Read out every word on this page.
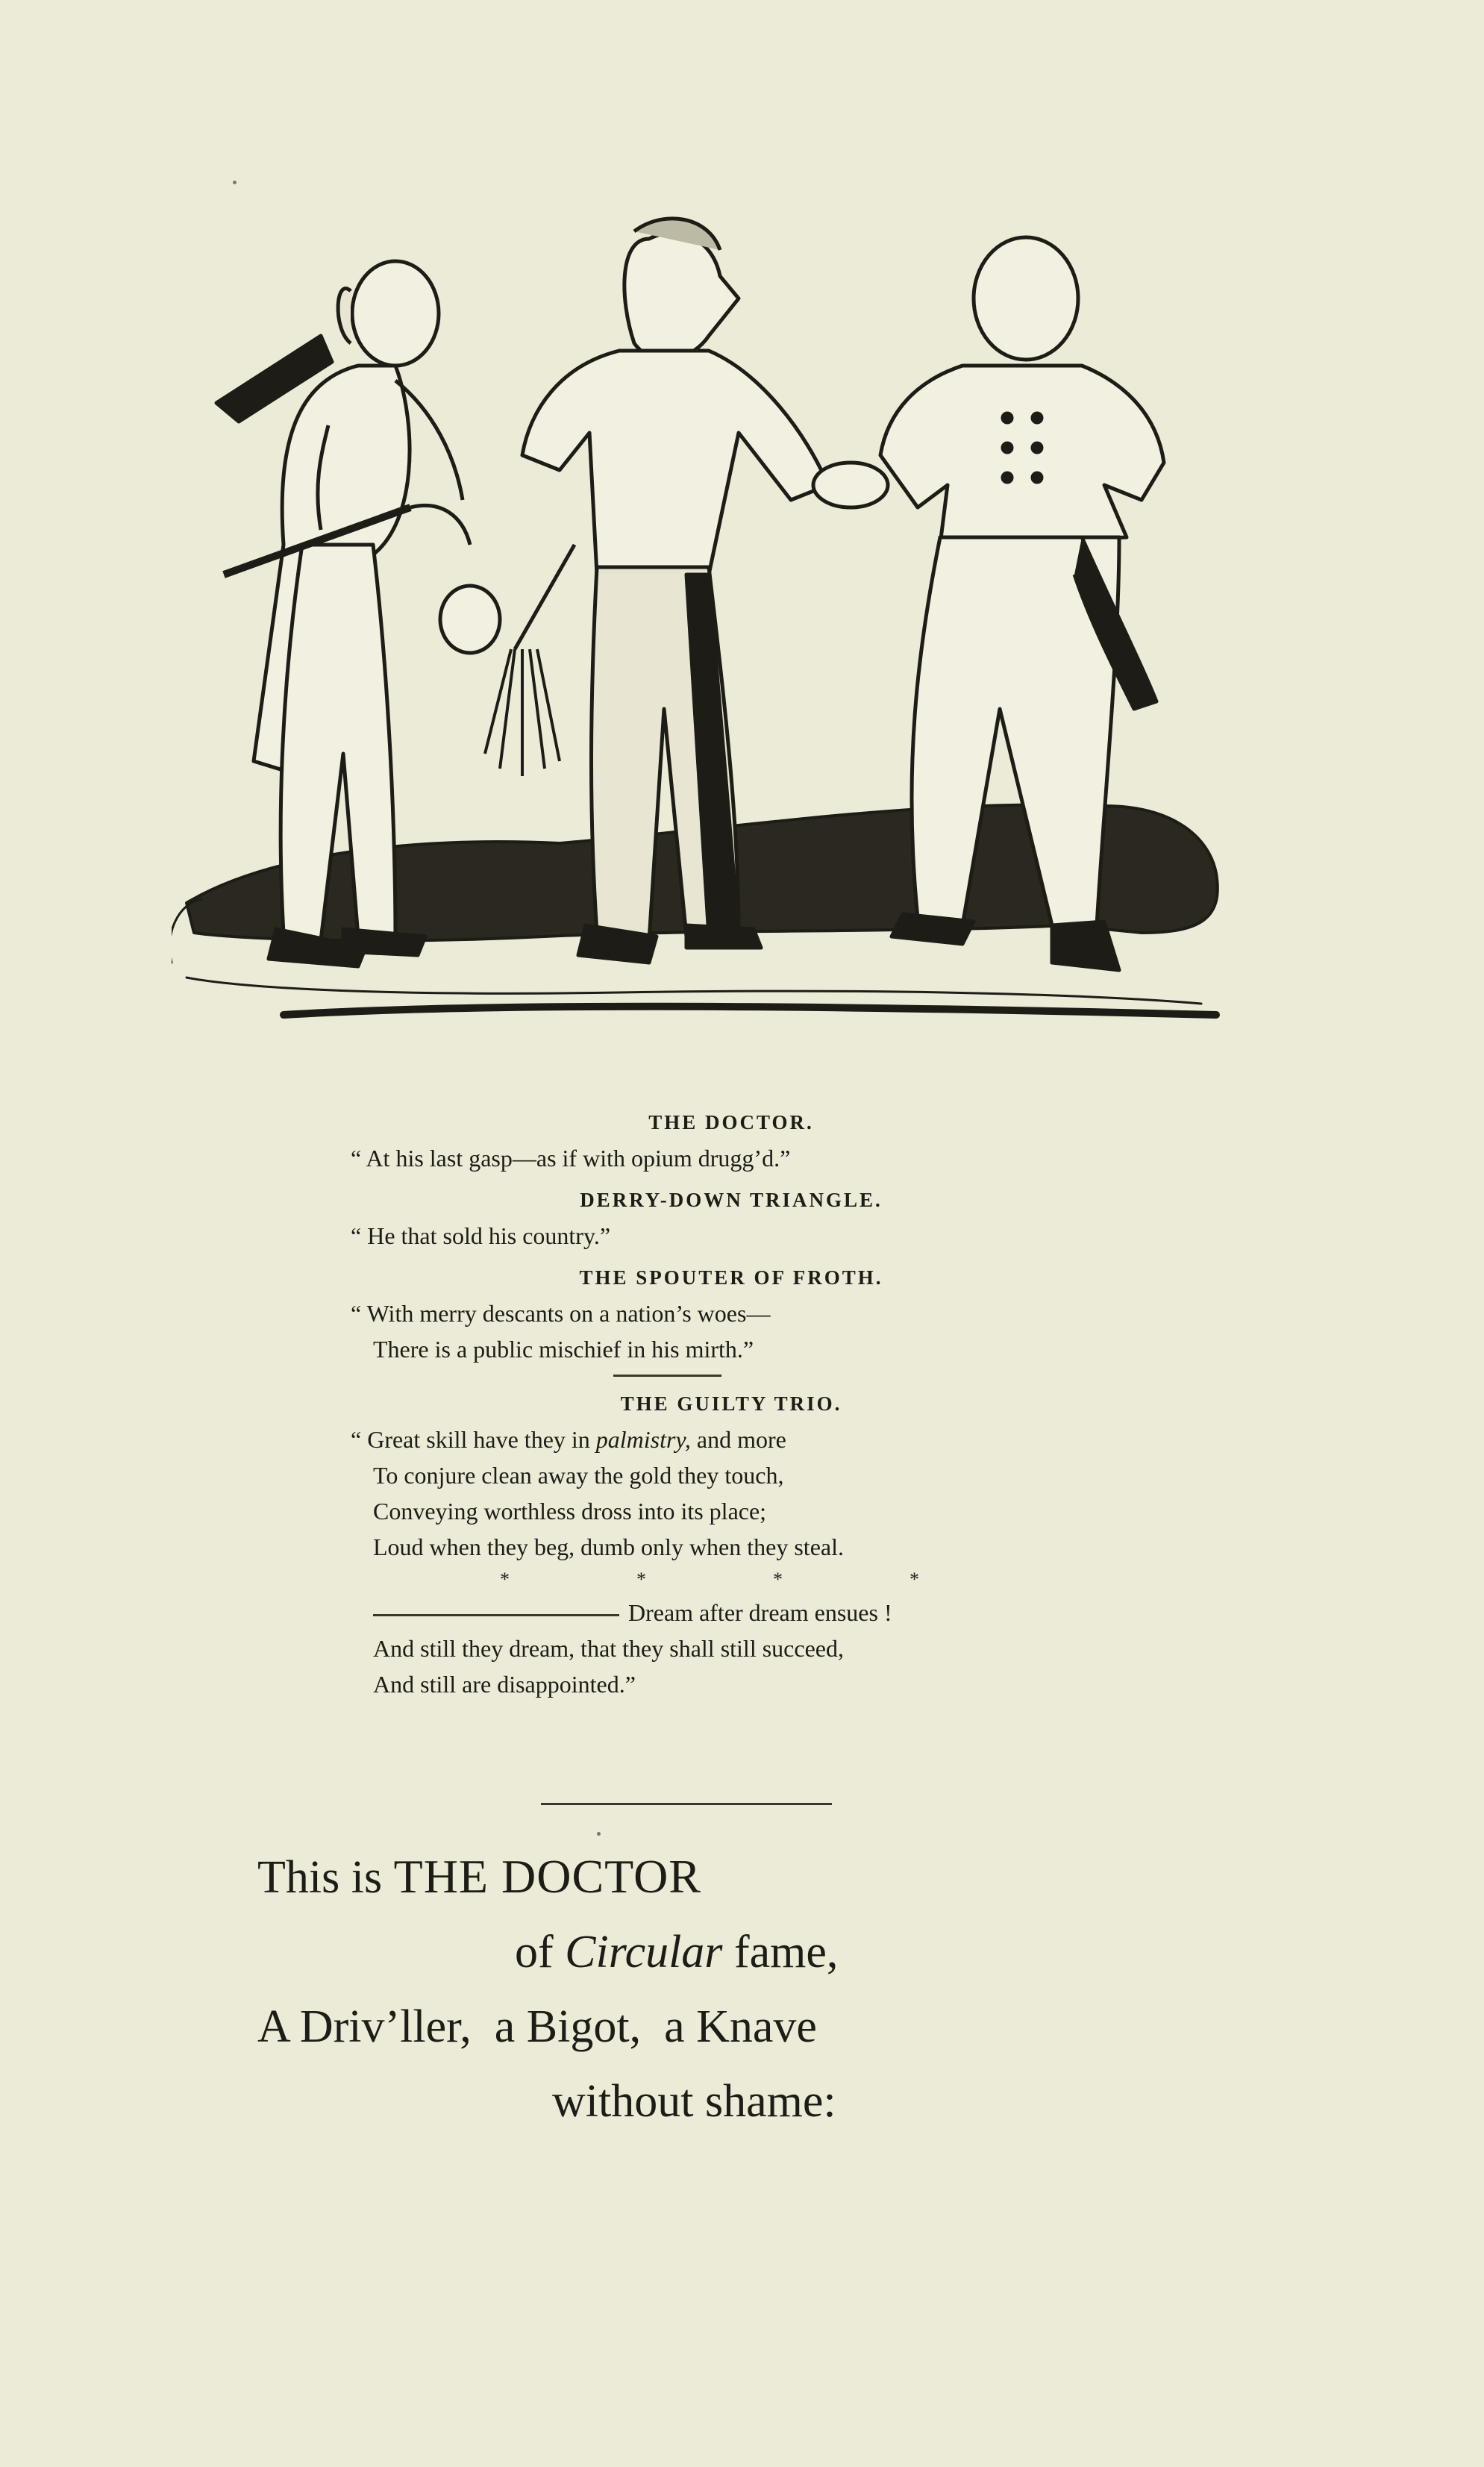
THE DOCTOR.
“ At his last gasp—as if with opium drugg’d.”
DERRY-DOWN TRIANGLE.
“ He that sold his country.”
THE SPOUTER OF FROTH.
“ With merry descants on a nation’s woes—
There is a public mischief in his mirth.”
THE GUILTY TRIO.
“ Great skill have they in palmistry, and more
To conjure clean away the gold they touch,
Conveying worthless dross into its place;
Loud when they beg, dumb only when they steal.
*	*	*	*
Dream after dream ensues !
And still they dream, that they shall still succeed,
And still are disappointed.”
This is THE DOCTOR
of Circular fame,
A Driv’ller,  a Bigot,  a Knave
without shame:
